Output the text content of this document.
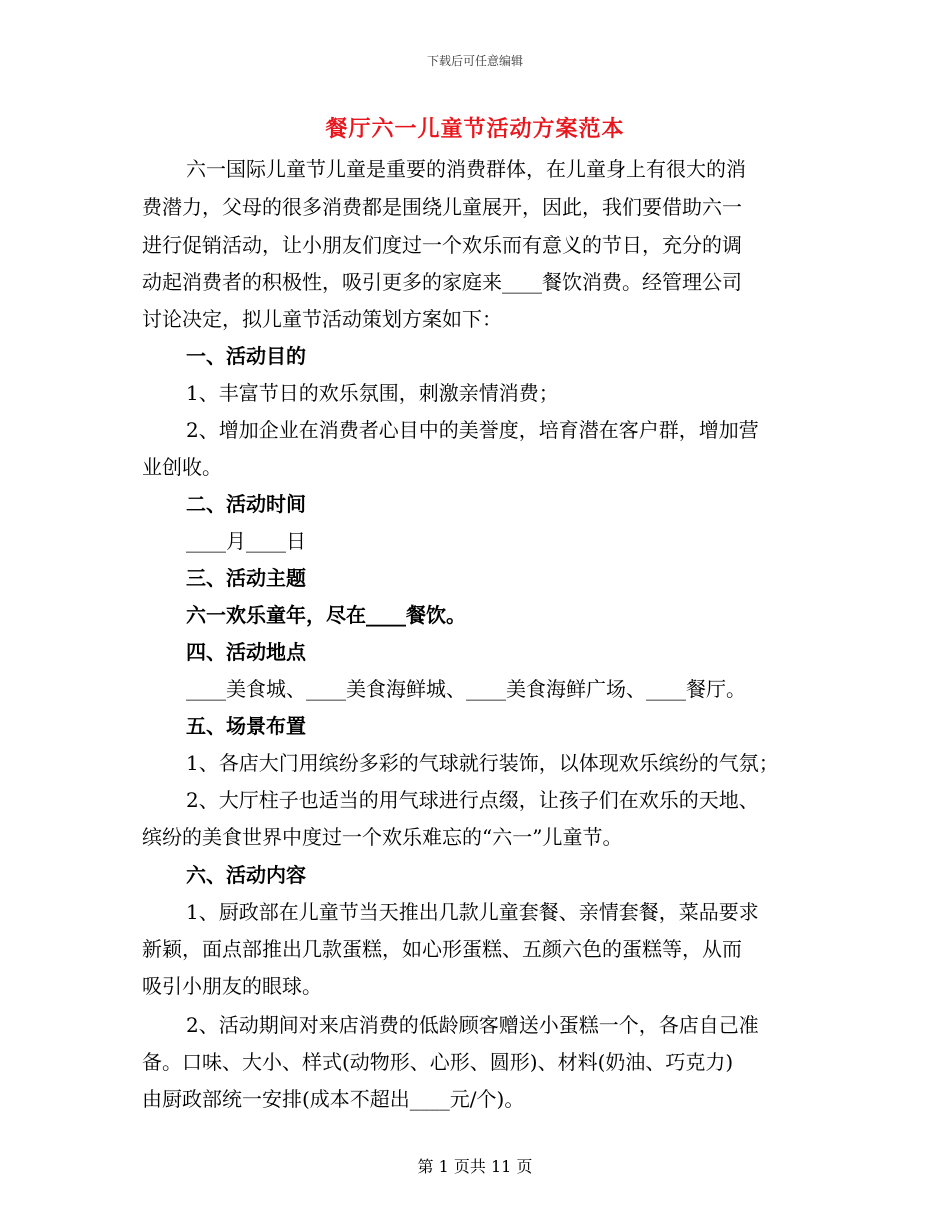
下载后可任意编辑
餐厅六一儿童节活动方案范本
六一国际儿童节儿童是重要的消费群体，在儿童身上有很大的消
费潜力，父母的很多消费都是围绕儿童展开，因此，我们要借助六一
进行促销活动，让小朋友们度过一个欢乐而有意义的节日，充分的调
动起消费者的积极性，吸引更多的家庭来____餐饮消费。经管理公司
讨论决定，拟儿童节活动策划方案如下：
一、活动目的
1、丰富节日的欢乐氛围，刺激亲情消费；
2、增加企业在消费者心目中的美誉度，培育潜在客户群，增加营
业创收。
二、活动时间
____月____日
三、活动主题
六一欢乐童年，尽在____餐饮。
四、活动地点
____美食城、____美食海鲜城、____美食海鲜广场、____餐厅。
五、场景布置
1、各店大门用缤纷多彩的气球就行装饰，以体现欢乐缤纷的气氛；
2、大厅柱子也适当的用气球进行点缀，让孩子们在欢乐的天地、
缤纷的美食世界中度过一个欢乐难忘的“六一”儿童节。
六、活动内容
1、厨政部在儿童节当天推出几款儿童套餐、亲情套餐，菜品要求
新颖，面点部推出几款蛋糕，如心形蛋糕、五颜六色的蛋糕等，从而
吸引小朋友的眼球。
2、活动期间对来店消费的低龄顾客赠送小蛋糕一个，各店自己准
备。口味、大小、样式(动物形、心形、圆形)、材料(奶油、巧克力)
由厨政部统一安排(成本不超出____元/个)。
第 1 页共 11 页
